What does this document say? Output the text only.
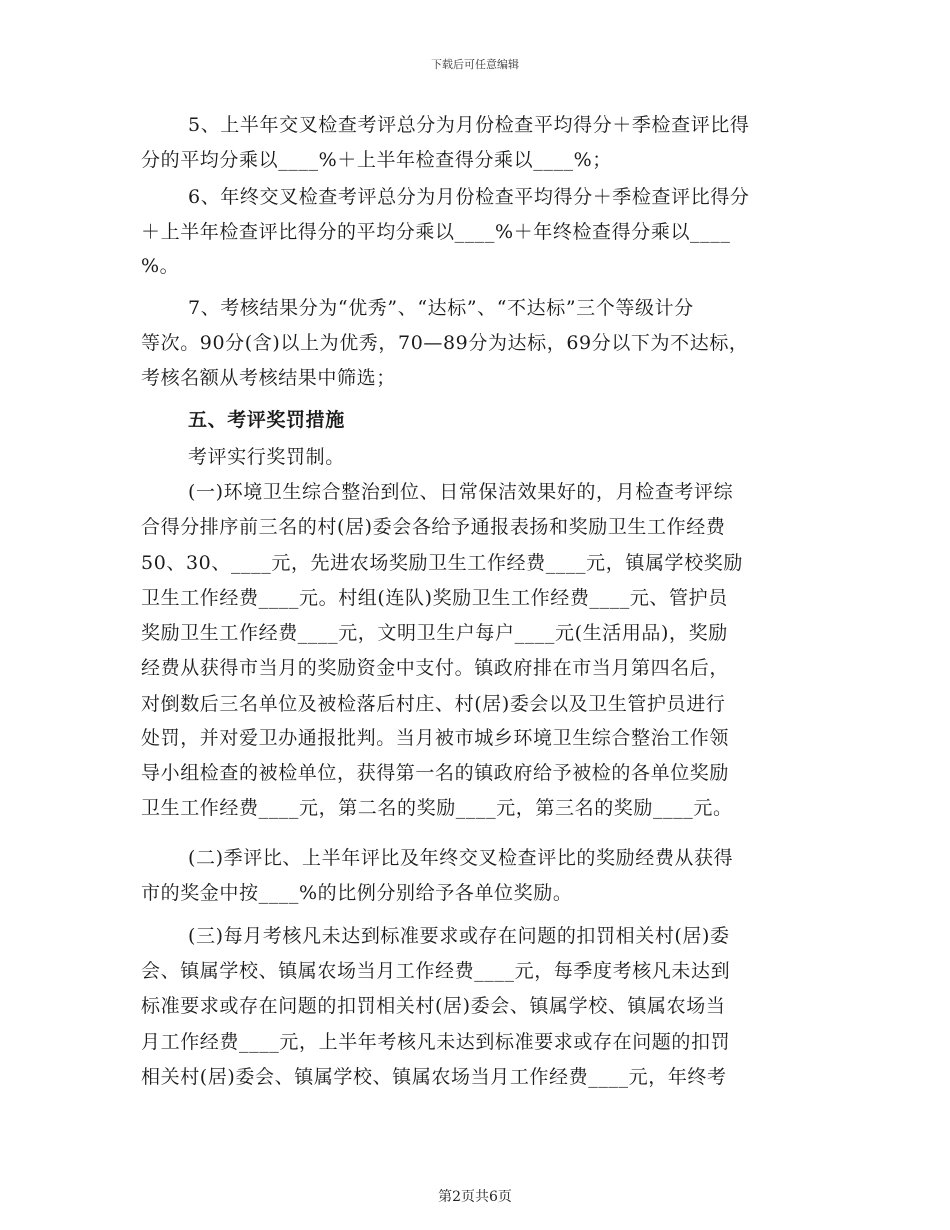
下载后可任意编辑
5、上半年交叉检查考评总分为月份检查平均得分＋季检查评比得
分的平均分乘以____%＋上半年检查得分乘以____%；
6、年终交叉检查考评总分为月份检查平均得分＋季检查评比得分
＋上半年检查评比得分的平均分乘以____%＋年终检查得分乘以____
%。
7、考核结果分为“优秀”、“达标”、“不达标”三个等级计分
等次。90分(含)以上为优秀，70—89分为达标，69分以下为不达标，
考核名额从考核结果中筛选；
五、考评奖罚措施
考评实行奖罚制。
(一)环境卫生综合整治到位、日常保洁效果好的，月检查考评综
合得分排序前三名的村(居)委会各给予通报表扬和奖励卫生工作经费
50、30、____元，先进农场奖励卫生工作经费____元，镇属学校奖励
卫生工作经费____元。村组(连队)奖励卫生工作经费____元、管护员
奖励卫生工作经费____元，文明卫生户每户____元(生活用品)，奖励
经费从获得市当月的奖励资金中支付。镇政府排在市当月第四名后，
对倒数后三名单位及被检落后村庄、村(居)委会以及卫生管护员进行
处罚，并对爱卫办通报批判。当月被市城乡环境卫生综合整治工作领
导小组检查的被检单位，获得第一名的镇政府给予被检的各单位奖励
卫生工作经费____元，第二名的奖励____元，第三名的奖励____元。
(二)季评比、上半年评比及年终交叉检查评比的奖励经费从获得
市的奖金中按____%的比例分别给予各单位奖励。
(三)每月考核凡未达到标准要求或存在问题的扣罚相关村(居)委
会、镇属学校、镇属农场当月工作经费____元，每季度考核凡未达到
标准要求或存在问题的扣罚相关村(居)委会、镇属学校、镇属农场当
月工作经费____元，上半年考核凡未达到标准要求或存在问题的扣罚
相关村(居)委会、镇属学校、镇属农场当月工作经费____元，年终考
第2页共6页
